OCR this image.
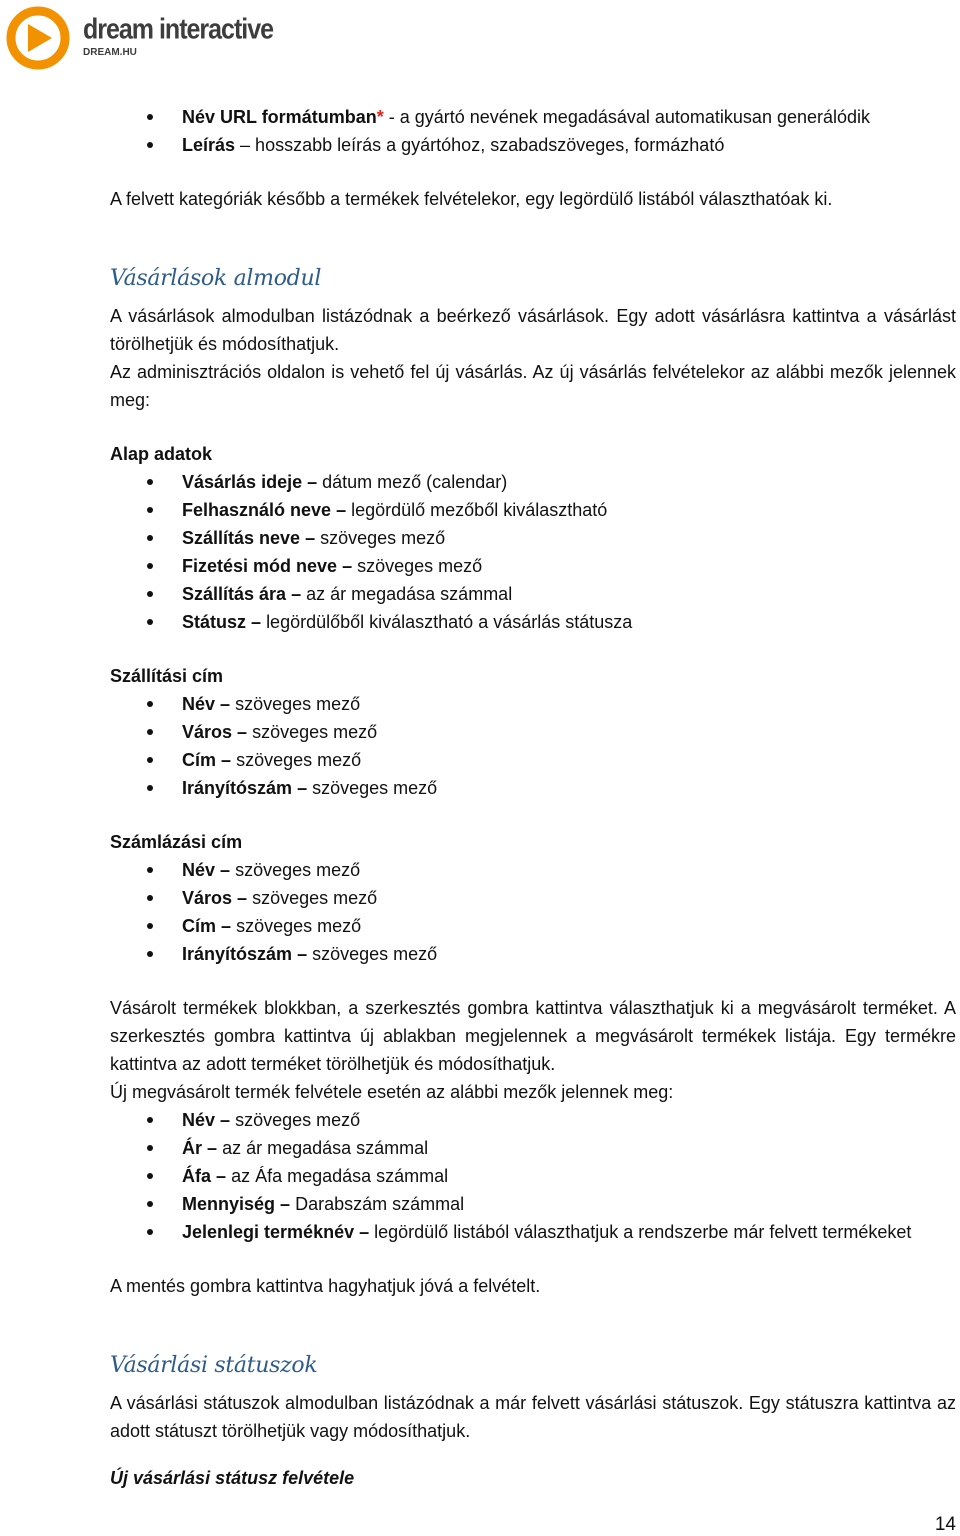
dream interactive
DREAM.HU
Név URL formátumban* - a gyártó nevének megadásával automatikusan generálódik
Leírás – hosszabb leírás a gyártóhoz, szabadszöveges, formázható

A felvett kategóriák később a termékek felvételekor, egy legördülő listából választhatóak ki.

Vásárlások almodul

A vásárlások almodulban listázódnak a beérkező vásárlások. Egy adott vásárlásra kattintva a vásárlást törölhetjük és módosíthatjuk.

Az adminisztrációs oldalon is vehető fel új vásárlás. Az új vásárlás felvételekor az alábbi mezők jelennek meg:

Alap adatok

Vásárlás ideje – dátum mező (calendar)
Felhasználó neve – legördülő mezőből kiválasztható
Szállítás neve – szöveges mező
Fizetési mód neve – szöveges mező
Szállítás ára – az ár megadása számmal
Státusz – legördülőből kiválasztható a vásárlás státusza

Szállítási cím

Név – szöveges mező
Város – szöveges mező
Cím – szöveges mező
Irányítószám – szöveges mező

Számlázási cím

Név – szöveges mező
Város – szöveges mező
Cím – szöveges mező
Irányítószám – szöveges mező

Vásárolt termékek blokkban, a szerkesztés gombra kattintva választhatjuk ki a megvásárolt terméket. A szerkesztés gombra kattintva új ablakban megjelennek a megvásárolt termékek listája. Egy termékre kattintva az adott terméket törölhetjük és módosíthatjuk.

Új megvásárolt termék felvétele esetén az alábbi mezők jelennek meg:

Név – szöveges mező
Ár – az ár megadása számmal
Áfa – az Áfa megadása számmal
Mennyiség – Darabszám számmal
Jelenlegi terméknév – legördülő listából választhatjuk a rendszerbe már felvett termékeket

A mentés gombra kattintva hagyhatjuk jóvá a felvételt.

Vásárlási státuszok

A vásárlási státuszok almodulban listázódnak a már felvett vásárlási státuszok. Egy státuszra kattintva az adott státuszt törölhetjük vagy módosíthatjuk.

Új vásárlási státusz felvétele

14
